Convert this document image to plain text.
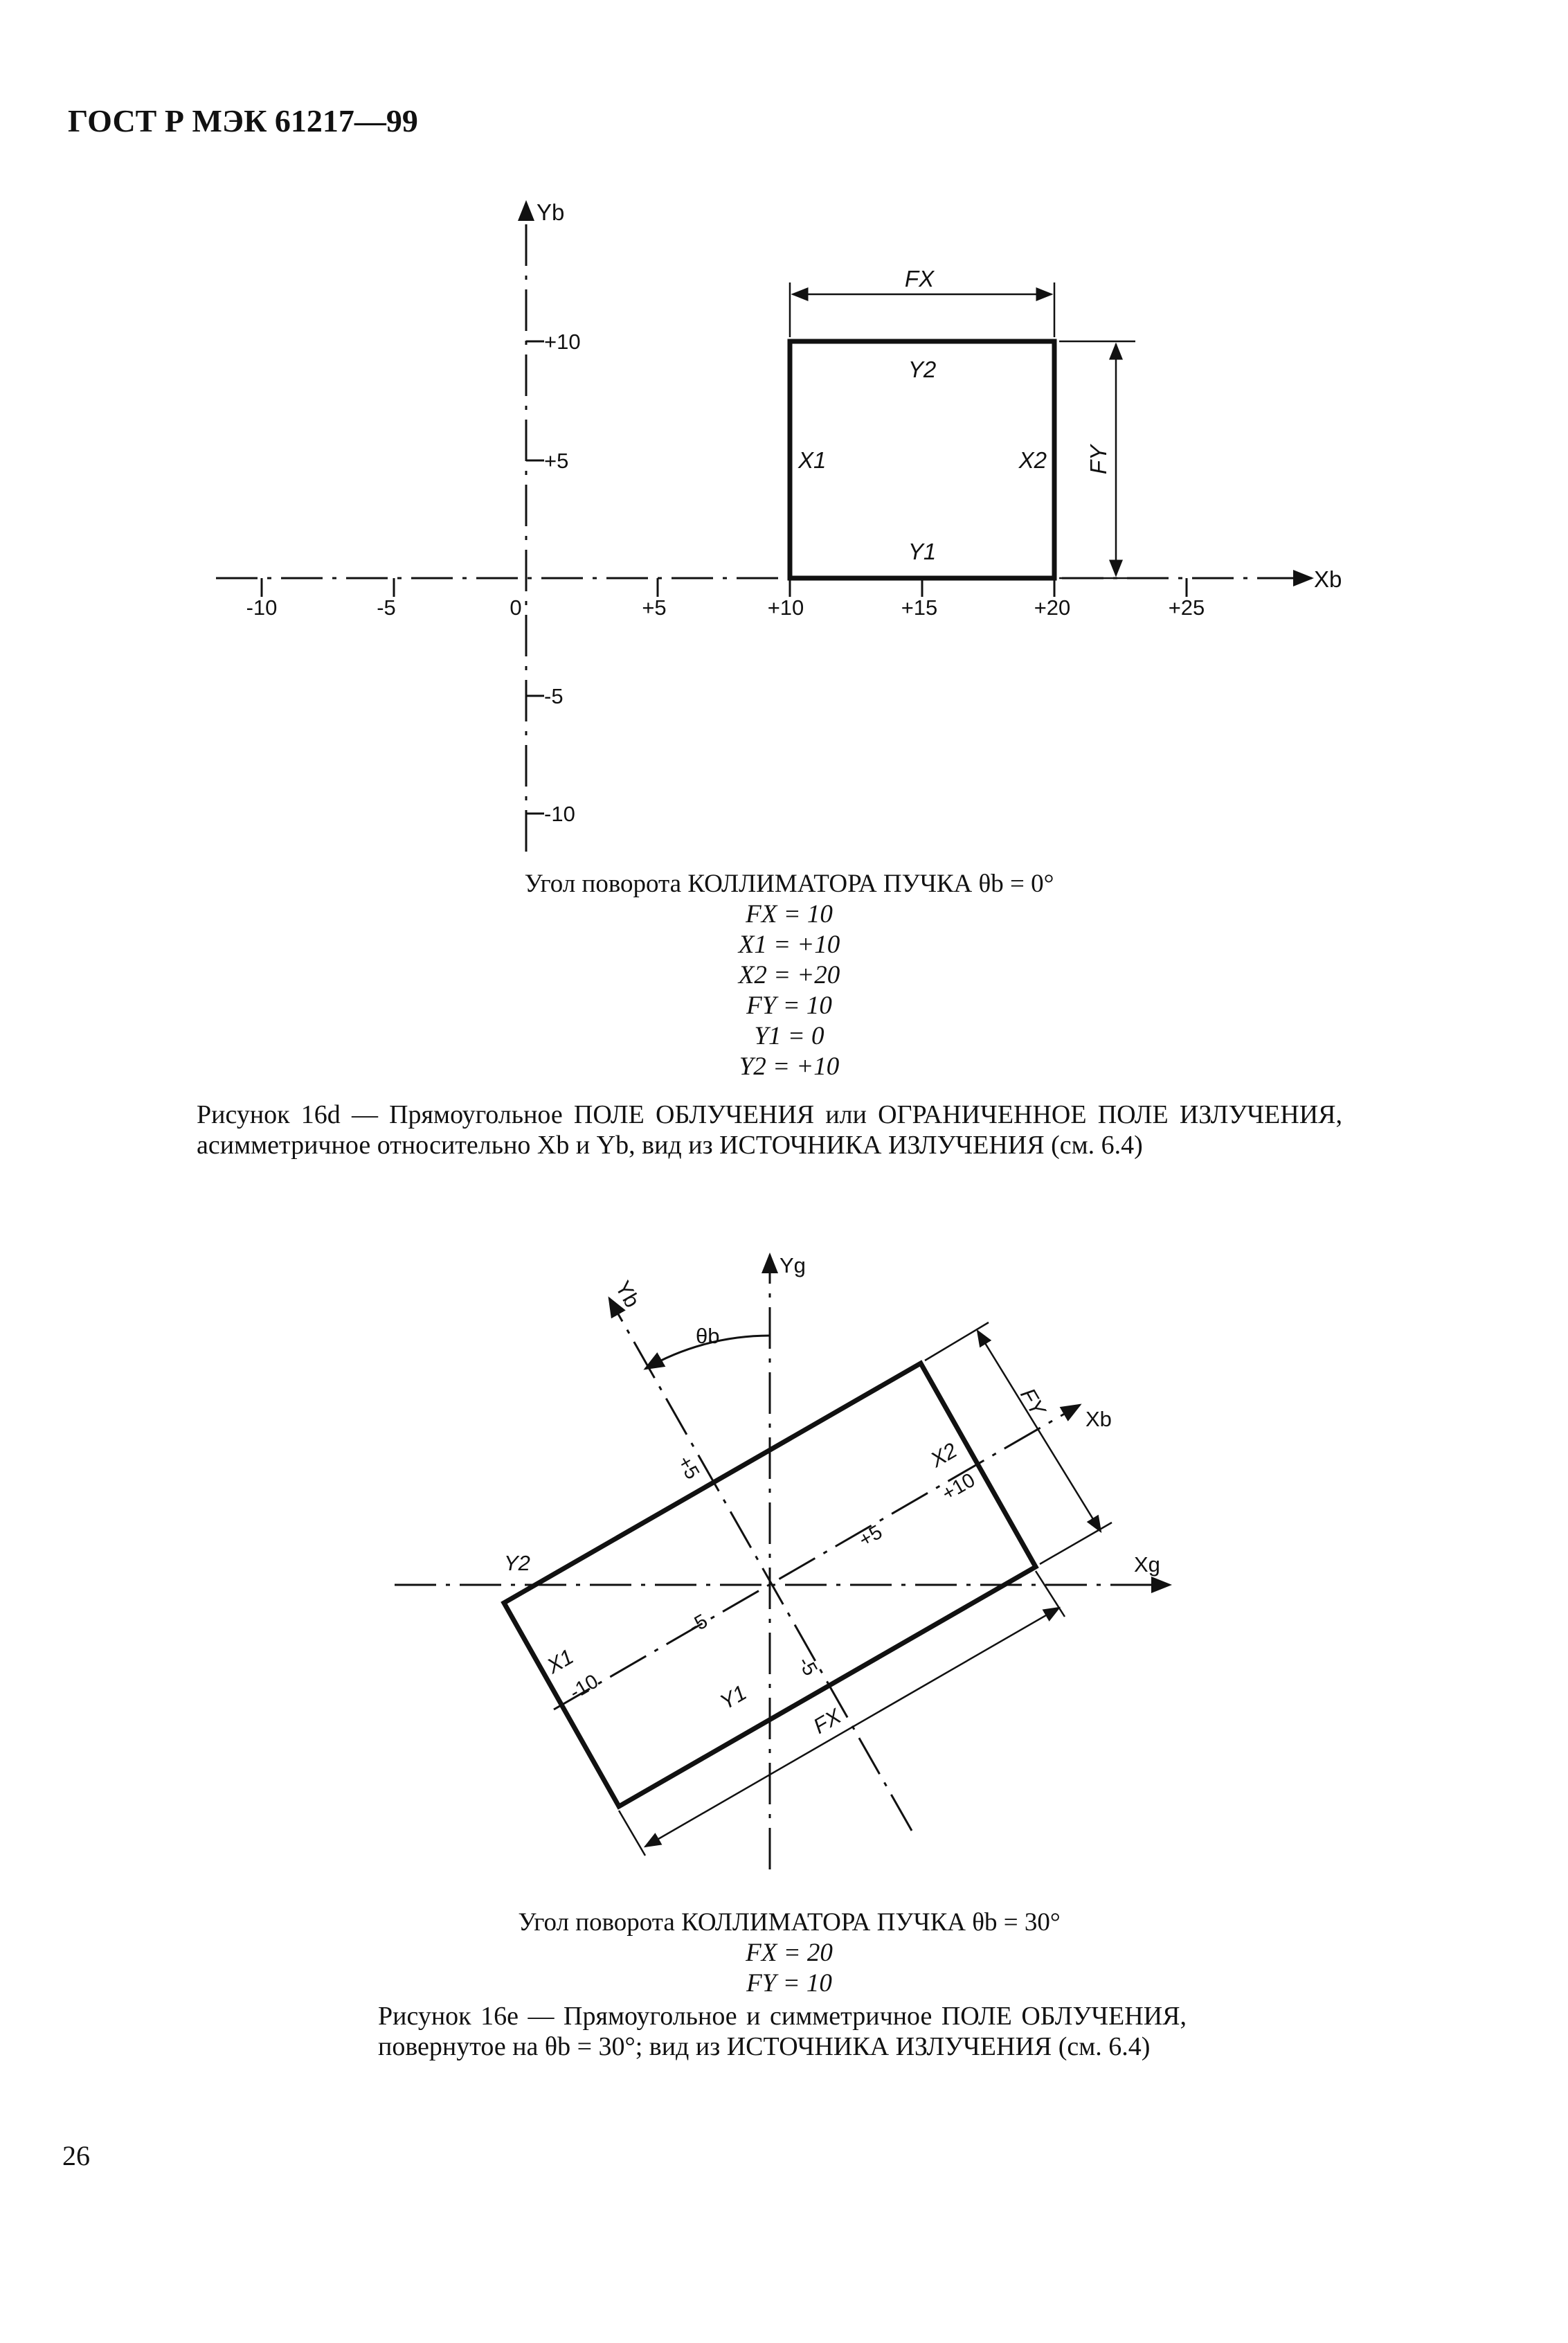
ГОСТ Р МЭК 61217—99
-10	-5	0	+5	+10	+15	+20	+25
+10
+5
-5
-10
Yb
Xb
FX
FY
Y2
Y1
X1	X2
Угол поворота КОЛЛИМАТОРА ПУЧКА θb = 0°
FX = 10
X1 = +10
X2 = +20
FY = 10
Y1 = 0
Y2 = +10
Рисунок 16d — Прямоугольное ПОЛЕ ОБЛУЧЕНИЯ или ОГРАНИЧЕННОЕ ПОЛЕ ИЗЛУЧЕНИЯ, асимметричное относительно Xb и Yb, вид из ИСТОЧНИКА ИЗЛУЧЕНИЯ (см. 6.4)
θb
FX
FY
Yg
Xg
Yb
Xb
+5
-5
+5
-5
+10
-10
Y2
Y1
X1
X2
Угол поворота КОЛЛИМАТОРА ПУЧКА θb = 30°
FX = 20
FY = 10
Рисунок 16е — Прямоугольное и симметричное ПОЛЕ ОБЛУЧЕНИЯ, повернутое на θb = 30°; вид из ИСТОЧНИКА ИЗЛУЧЕНИЯ (см. 6.4)
26
